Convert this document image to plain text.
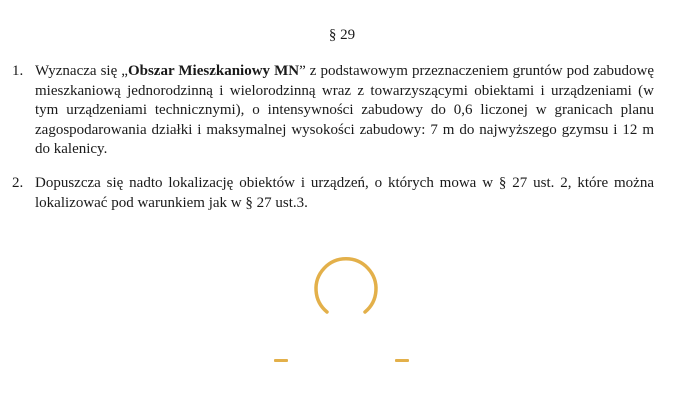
§ 29
1. Wyznacza się „Obszar Mieszkaniowy MN” z podstawowym przeznaczeniem gruntów pod zabudowę mieszkaniową jednorodzinną i wielorodzinną wraz z towarzyszącymi obiektami i urządzeniami (w tym urządzeniami technicznymi), o intensywności zabudowy do 0,6 liczonej w granicach planu zagospodarowania działki i maksymalnej wysokości zabudowy: 7 m do najwyższego gzymsu i 12 m do kalenicy.
2. Dopuszcza się nadto lokalizację obiektów i urządzeń, o których mowa w § 27 ust. 2, które można lokalizować pod warunkiem jak w § 27 ust.3.
